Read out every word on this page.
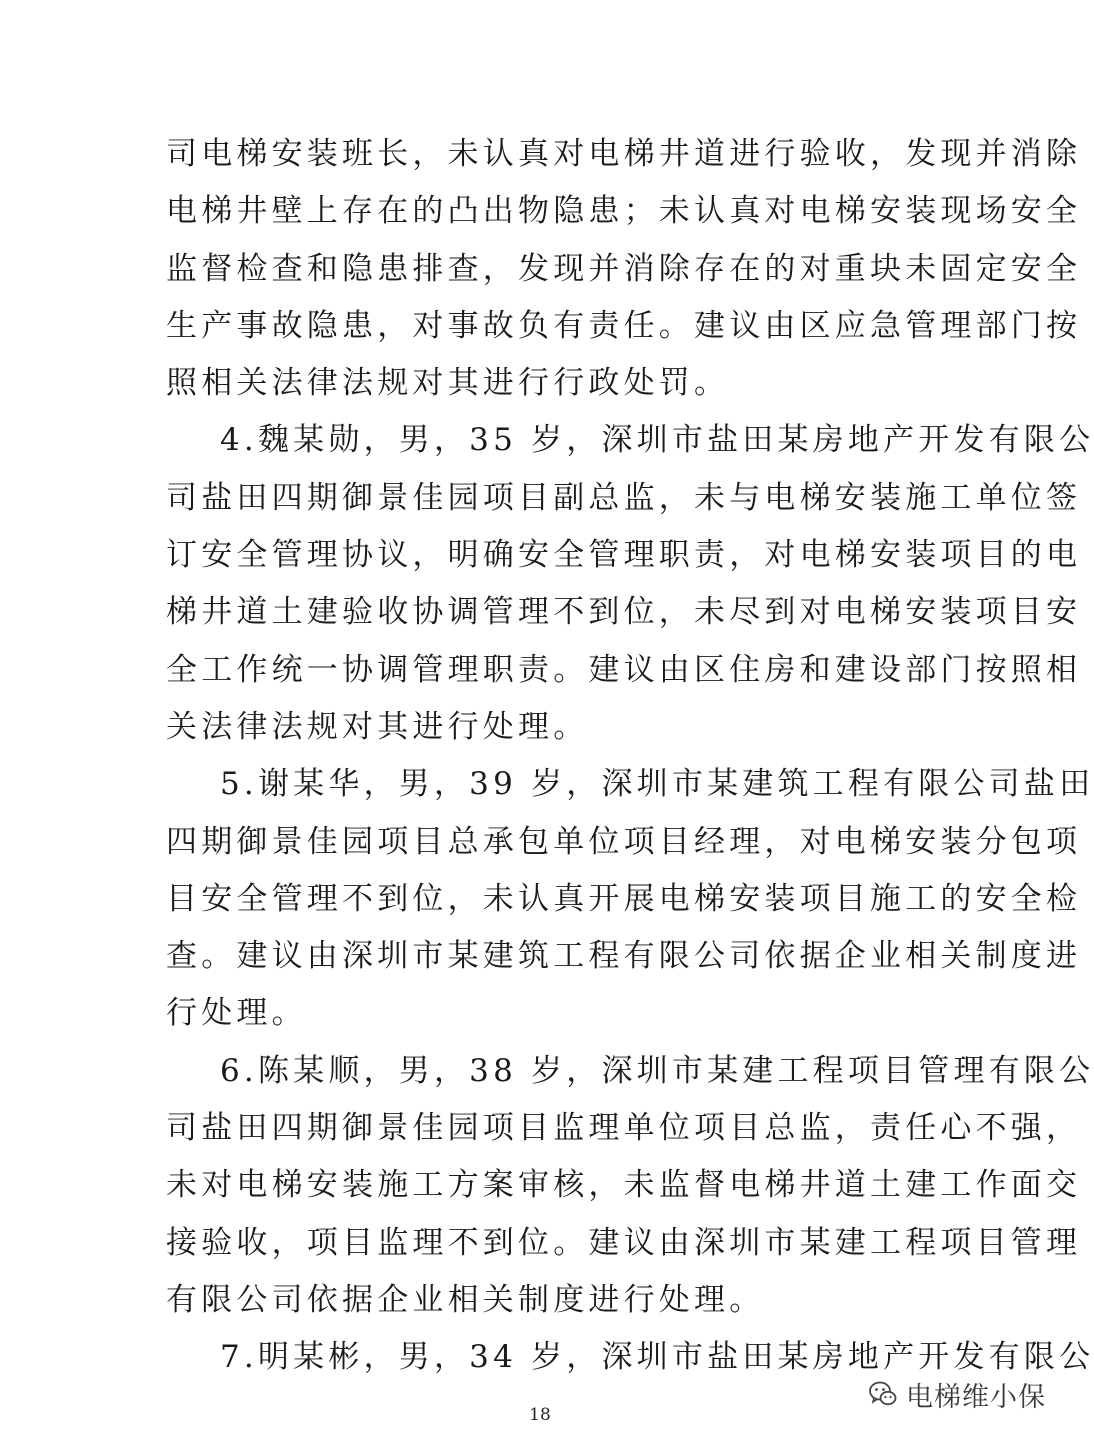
司电梯安装班长，未认真对电梯井道进行验收，发现并消除
电梯井壁上存在的凸出物隐患；未认真对电梯安装现场安全
监督检查和隐患排查，发现并消除存在的对重块未固定安全
生产事故隐患，对事故负有责任。建议由区应急管理部门按
照相关法律法规对其进行行政处罚。
4.魏某勋，男，35 岁，深圳市盐田某房地产开发有限公
司盐田四期御景佳园项目副总监，未与电梯安装施工单位签
订安全管理协议，明确安全管理职责，对电梯安装项目的电
梯井道土建验收协调管理不到位，未尽到对电梯安装项目安
全工作统一协调管理职责。建议由区住房和建设部门按照相
关法律法规对其进行处理。
5.谢某华，男，39 岁，深圳市某建筑工程有限公司盐田
四期御景佳园项目总承包单位项目经理，对电梯安装分包项
目安全管理不到位，未认真开展电梯安装项目施工的安全检
查。建议由深圳市某建筑工程有限公司依据企业相关制度进
行处理。
6.陈某顺，男，38 岁，深圳市某建工程项目管理有限公
司盐田四期御景佳园项目监理单位项目总监，责任心不强，
未对电梯安装施工方案审核，未监督电梯井道土建工作面交
接验收，项目监理不到位。建议由深圳市某建工程项目管理
有限公司依据企业相关制度进行处理。
7.明某彬，男，34 岁，深圳市盐田某房地产开发有限公
18
电梯维小保
